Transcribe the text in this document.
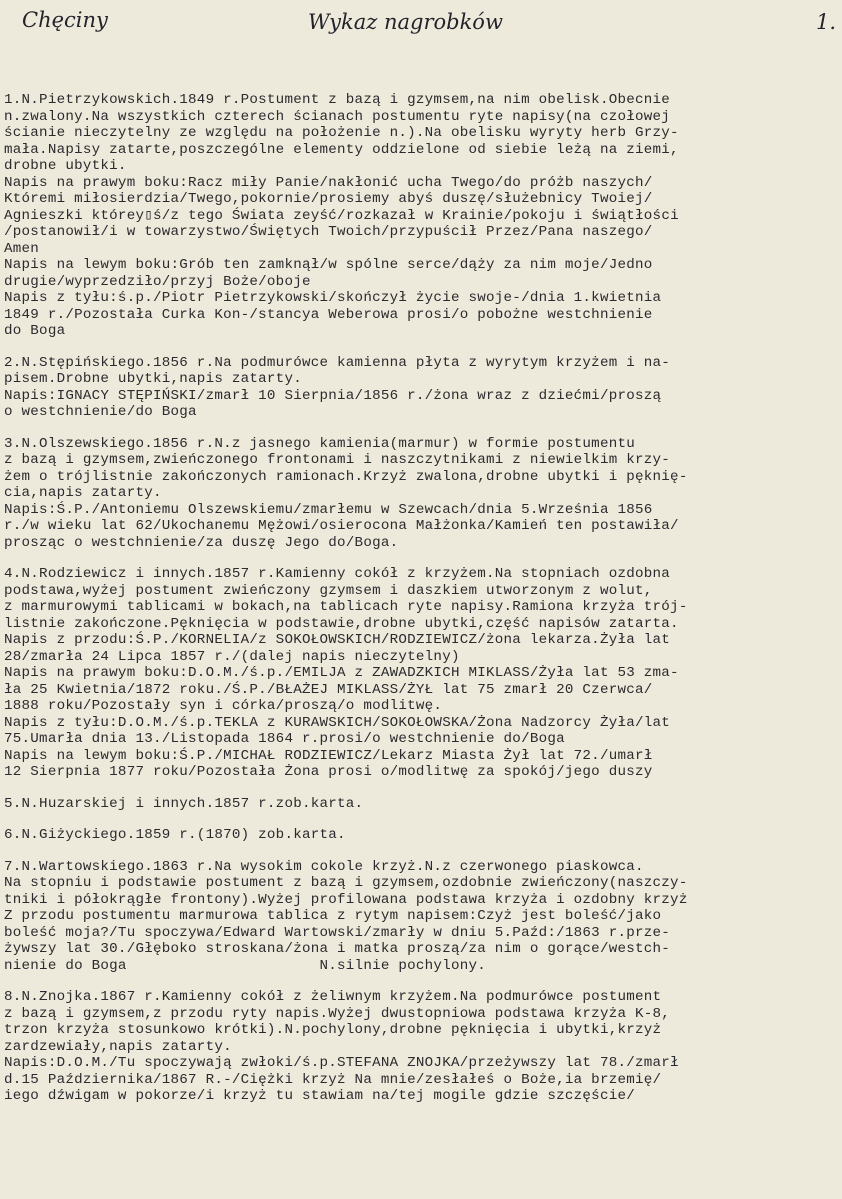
Chęciny	Wykaz nagrobków	1.
1.N.Pietrzykowskich.1849 r.Postument z bazą i gzymsem,na nim obelisk.Obecnie
n.zwalony.Na wszystkich czterech ścianach postumentu ryte napisy(na czołowej
ścianie nieczytelny ze względu na położenie n.).Na obelisku wyryty herb Grzy-
mała.Napisy zatarte,poszczególne elementy oddzielone od siebie leżą na ziemi,
drobne ubytki.
Napis na prawym boku:Racz miły Panie/nakłonić ucha Twego/do próżb naszych/
Któremi miłosierdzia/Twego,pokornie/prosiemy abyś duszę/służebnicy Twoiej/
Agnieszki którey▯ś/z tego Świata zeyść/rozkazał w Krainie/pokoju i świątłości
/postanowił/i w towarzystwo/Świętych Twoich/przypuścił Przez/Pana naszego/
Amen
Napis na lewym boku:Grób ten zamknął/w spólne serce/dąży za nim moje/Jedno
drugie/wyprzedziło/przyj Boże/oboje
Napis z tyłu:ś.p./Piotr Pietrzykowski/skończył życie swoje-/dnia 1.kwietnia
1849 r./Pozostała Curka Kon-/stancya Weberowa prosi/o pobożne westchnienie
do Boga
2.N.Stępińskiego.1856 r.Na podmurówce kamienna płyta z wyrytym krzyżem i na-
pisem.Drobne ubytki,napis zatarty.
Napis:IGNACY STĘPIŃSKI/zmarł 10 Sierpnia/1856 r./żona wraz z dziećmi/proszą
o westchnienie/do Boga
3.N.Olszewskiego.1856 r.N.z jasnego kamienia(marmur) w formie postumentu
z bazą i gzymsem,zwieńczonego frontonami i naszczytnikami z niewielkim krzy-
żem o trójlistnie zakończonych ramionach.Krzyż zwalona,drobne ubytki i pęknię-
cia,napis zatarty.
Napis:Ś.P./Antoniemu Olszewskiemu/zmarłemu w Szewcach/dnia 5.Września 1856
r./w wieku lat 62/Ukochanemu Mężowi/osierocona Małżonka/Kamień ten postawiła/
prosząc o westchnienie/za duszę Jego do/Boga.
4.N.Rodziewicz i innych.1857 r.Kamienny cokół z krzyżem.Na stopniach ozdobna
podstawa,wyżej postument zwieńczony gzymsem i daszkiem utworzonym z wolut,
z marmurowymi tablicami w bokach,na tablicach ryte napisy.Ramiona krzyża trój-
listnie zakończone.Pęknięcia w podstawie,drobne ubytki,część napisów zatarta.
Napis z przodu:Ś.P./KORNELIA/z SOKOŁOWSKICH/RODZIEWICZ/żona lekarza.Żyła lat
28/zmarła 24 Lipca 1857 r./(dalej napis nieczytelny)
Napis na prawym boku:D.O.M./ś.p./EMILJA z ZAWADZKICH MIKLASS/Żyła lat 53 zma-
ła 25 Kwietnia/1872 roku./Ś.P./BŁAŻEJ MIKLASS/ŻYŁ lat 75 zmarł 20 Czerwca/
1888 roku/Pozostały syn i córka/proszą/o modlitwę.
Napis z tyłu:D.O.M./ś.p.TEKLA z KURAWSKICH/SOKOŁOWSKA/Żona Nadzorcy Żyła/lat
75.Umarła dnia 13./Listopada 1864 r.prosi/o westchnienie do/Boga
Napis na lewym boku:Ś.P./MICHAŁ RODZIEWICZ/Lekarz Miasta Żył lat 72./umarł
12 Sierpnia 1877 roku/Pozostała Żona prosi o/modlitwę za spokój/jego duszy
5.N.Huzarskiej i innych.1857 r.zob.karta.
6.N.Giżyckiego.1859 r.(1870) zob.karta.
7.N.Wartowskiego.1863 r.Na wysokim cokole krzyż.N.z czerwonego piaskowca.
Na stopniu i podstawie postument z bazą i gzymsem,ozdobnie zwieńczony(naszczy-
tniki i półokrągłe frontony).Wyżej profilowana podstawa krzyża i ozdobny krzyż
Z przodu postumentu marmurowa tablica z rytym napisem:Czyż jest boleść/jako
boleść moja?/Tu spoczywa/Edward Wartowski/zmarły w dniu 5.Paźd:/1863 r.prze-
żywszy lat 30./Głęboko stroskana/żona i matka proszą/za nim o gorące/westch-
nienie do Boga                      N.silnie pochylony.
8.N.Znojka.1867 r.Kamienny cokół z żeliwnym krzyżem.Na podmurówce postument
z bazą i gzymsem,z przodu ryty napis.Wyżej dwustopniowa podstawa krzyża K-8,
trzon krzyża stosunkowo krótki).N.pochylony,drobne pęknięcia i ubytki,krzyż
zardzewiały,napis zatarty.
Napis:D.O.M./Tu spoczywają zwłoki/ś.p.STEFANA ZNOJKA/przeżywszy lat 78./zmarł
d.15 Października/1867 R.-/Ciężki krzyż Na mnie/zesłałeś o Boże,ia brzemię/
iego dźwigam w pokorze/i krzyż tu stawiam na/tej mogile gdzie szczęście/
